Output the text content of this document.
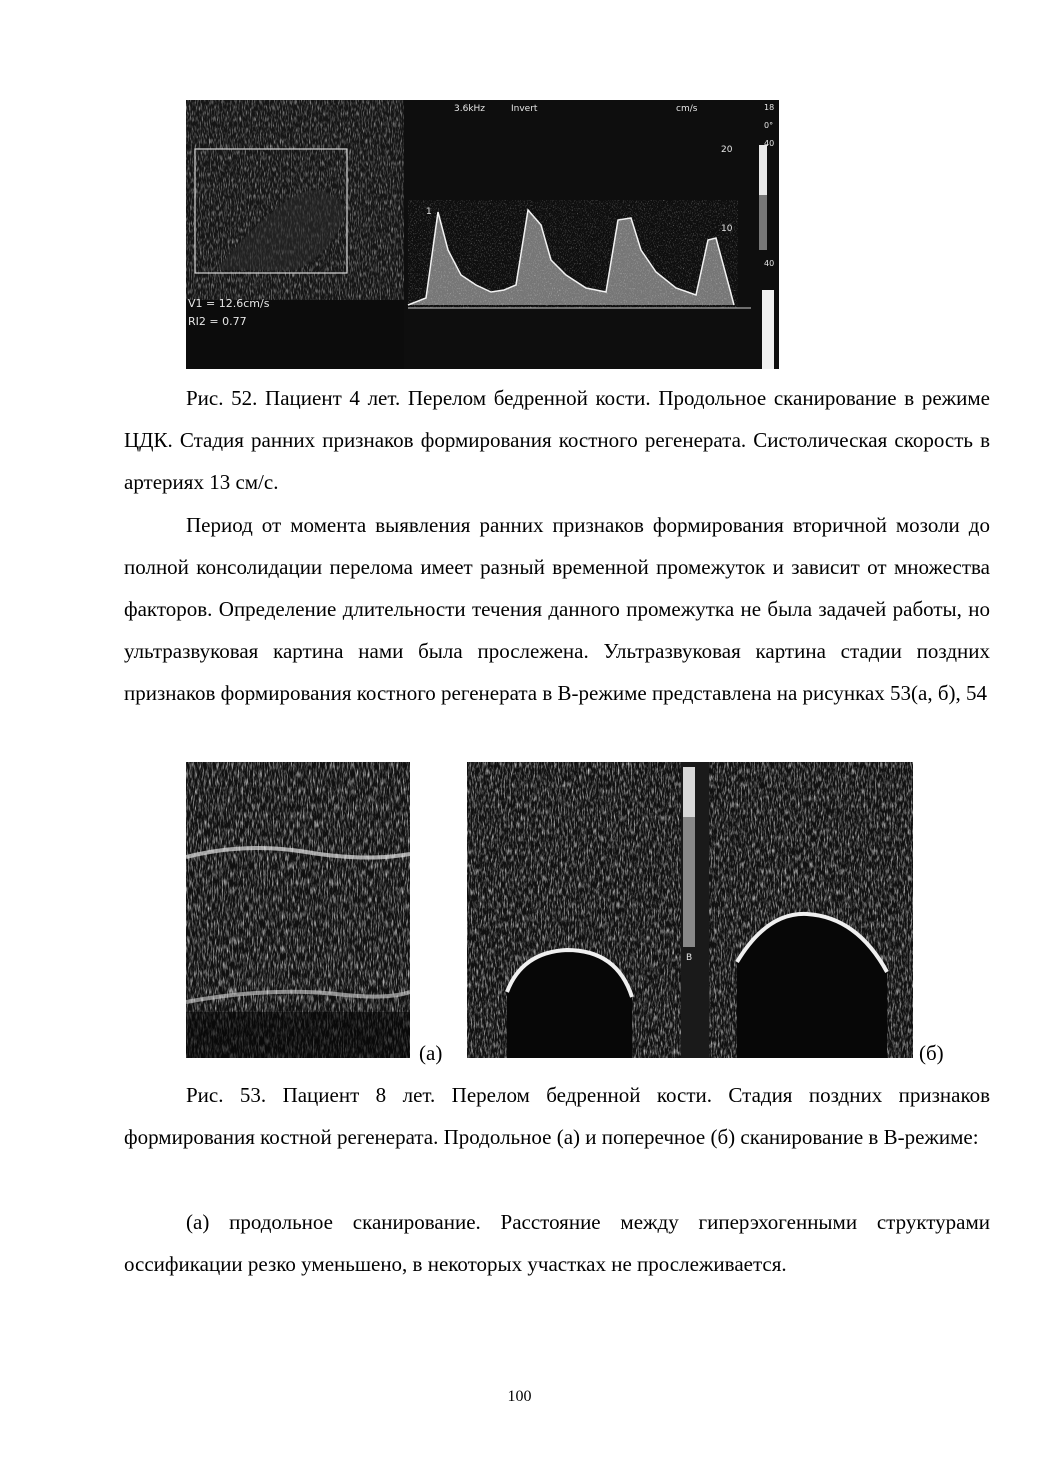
3.6kHz	Invert	cm/s	18
0°
40
20
10
40
1
V1 = 12.6cm/s
RI2 = 0.77

Рис. 52. Пациент 4 лет. Перелом бедренной кости. Продольное сканирование в режиме ЦДК. Стадия ранних признаков формирования костного регенерата. Систолическая скорость в артериях 13 см/с.

Период от момента выявления ранних признаков формирования вторичной мозоли до полной консолидации перелома имеет разный временной промежуток и зависит от множества факторов. Определение длительности течения данного промежутка не была задачей работы, но ультразвуковая картина нами была прослежена. Ультразвуковая картина стадии поздних признаков формирования костного регенерата в В-режиме представлена на рисунках 53(а, б), 54

(а)
B
(б)

Рис. 53. Пациент 8 лет. Перелом бедренной кости. Стадия поздних признаков формирования костной регенерата. Продольное (а) и поперечное (б) сканирование в В-режиме:

(а) продольное сканирование. Расстояние между гиперэхогенными структурами оссификации резко уменьшено, в некоторых участках не прослеживается.

100
